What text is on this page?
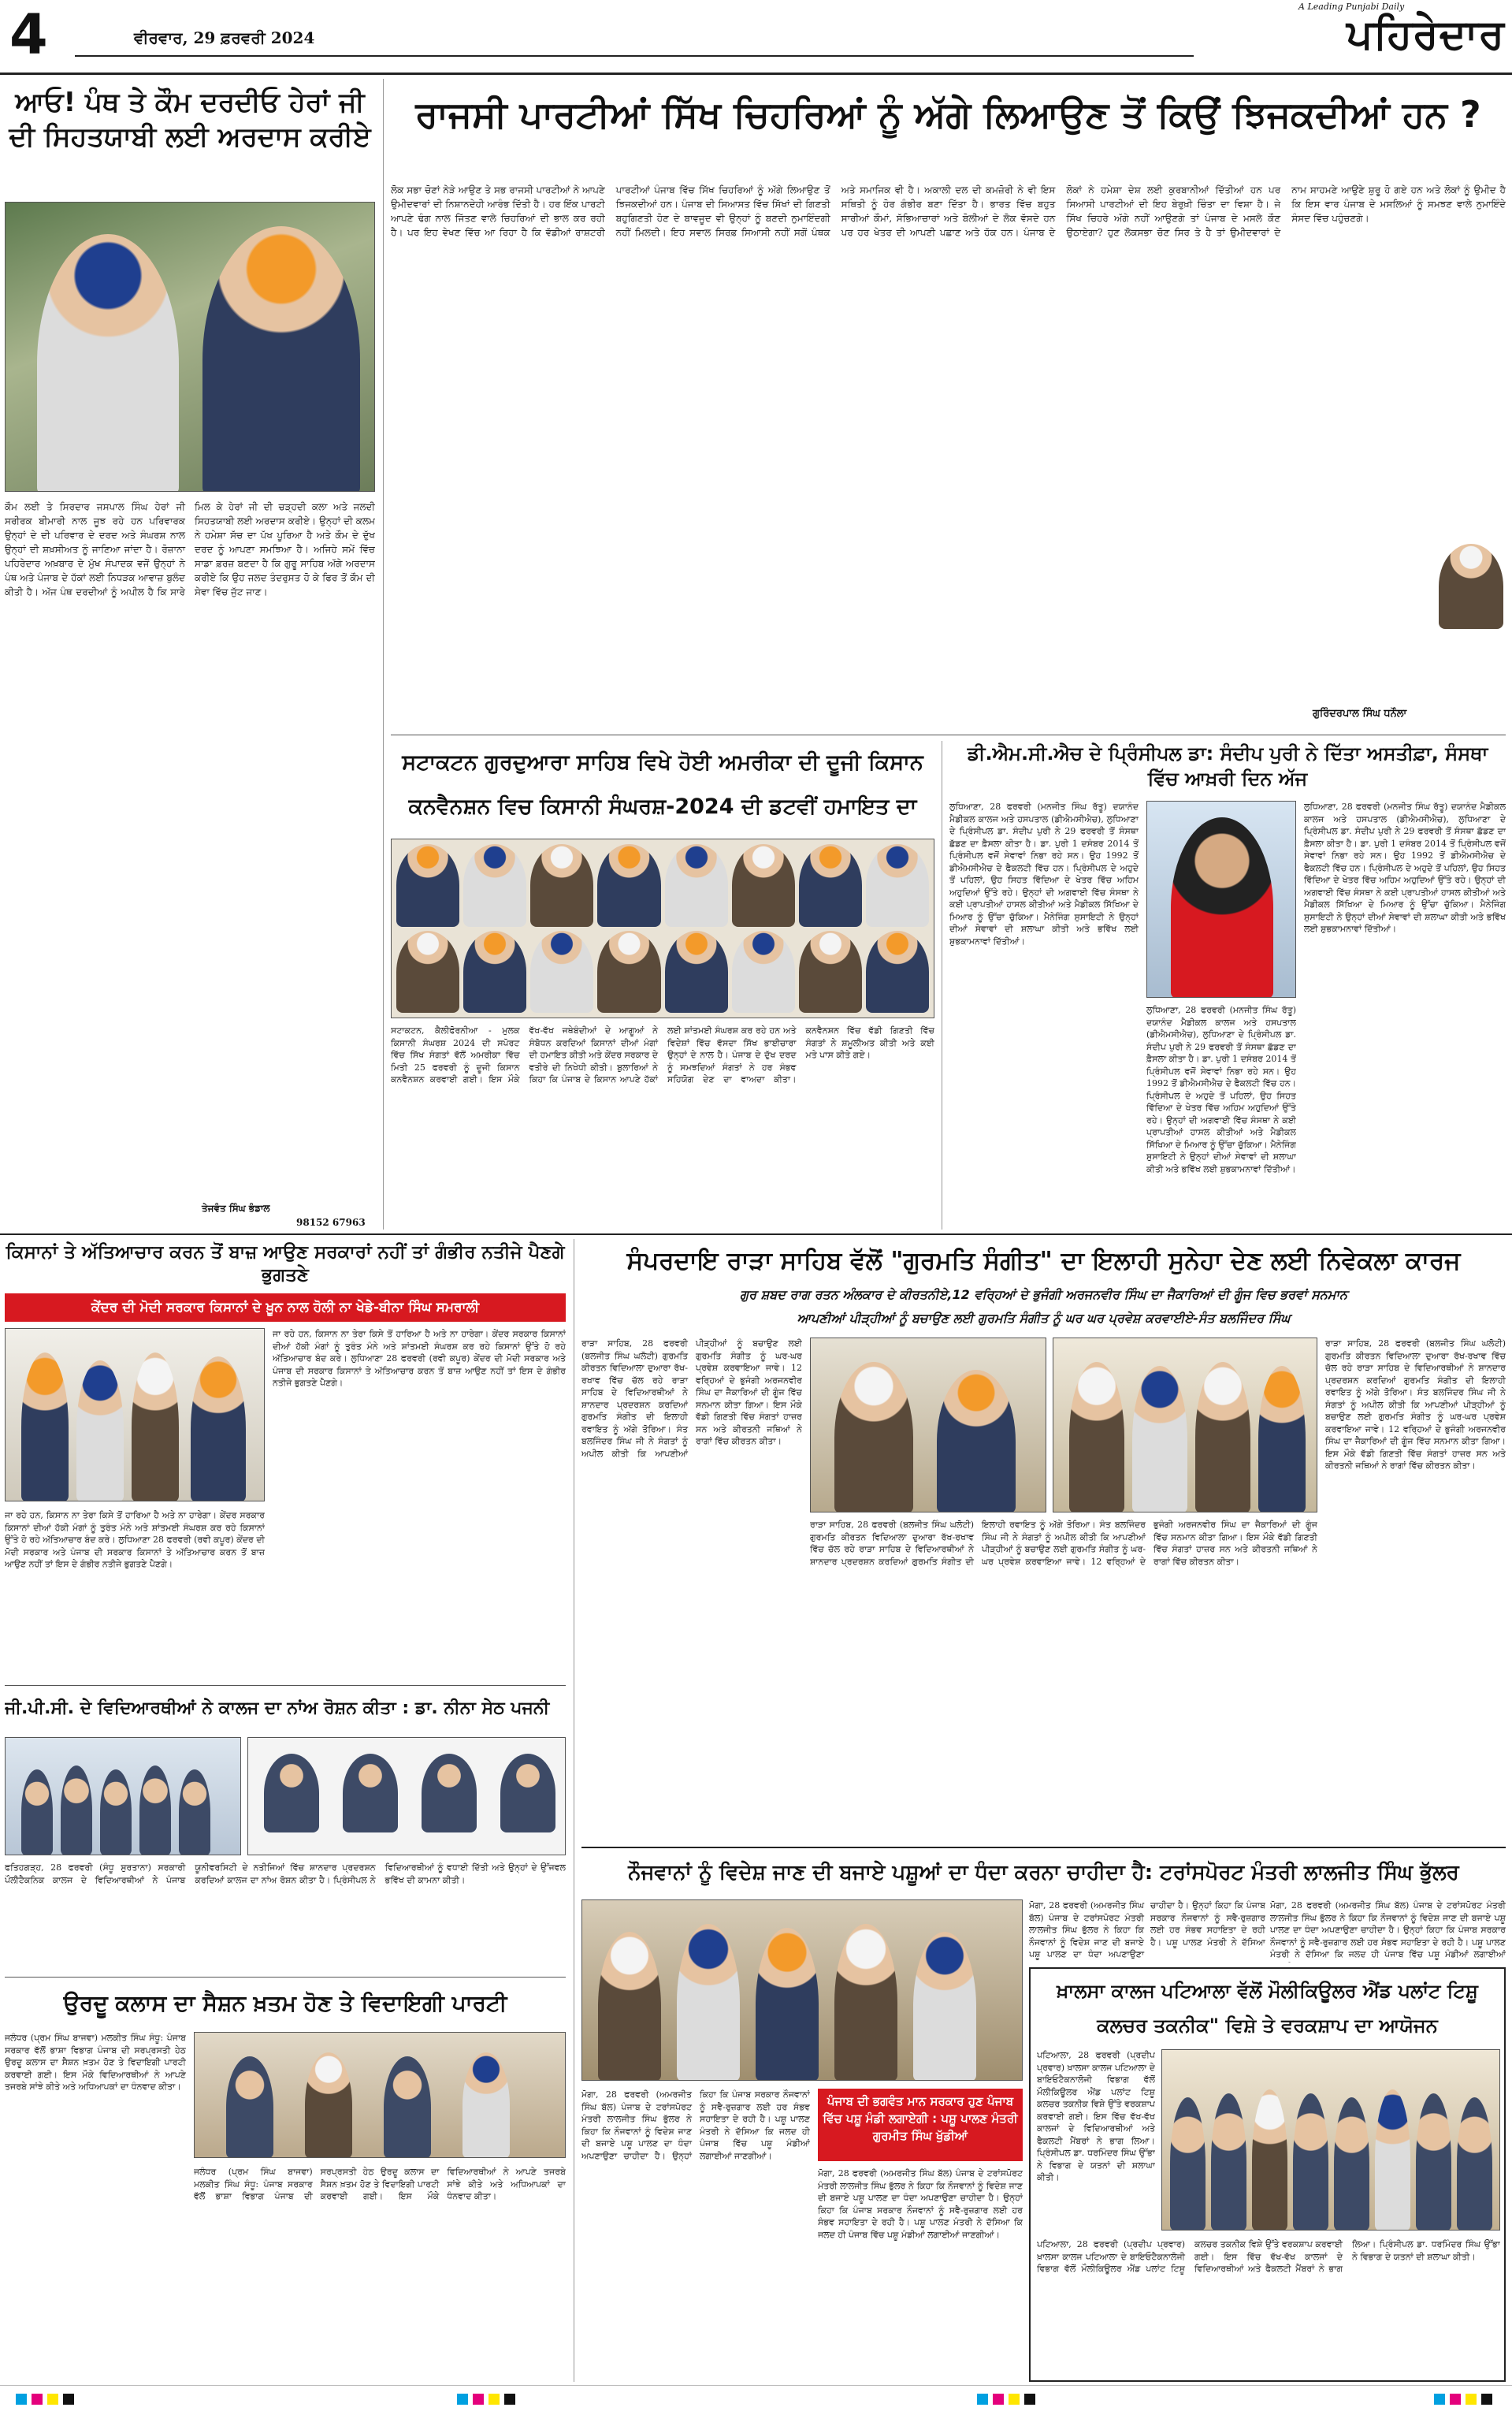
4	ਵੀਰਵਾਰ, 29 ਫ਼ਰਵਰੀ 2024
A Leading Punjabi Daily
ਪਹਿਰੇਦਾਰ
ਆਓ! ਪੰਥ ਤੇ ਕੌਮ ਦਰਦੀਓ ਹੇਰਾਂ ਜੀ ਦੀ ਸਿਹਤਯਾਬੀ ਲਈ ਅਰਦਾਸ ਕਰੀਏ
ਕੌਮ ਲਈ ਤੇ ਸਿਰਦਾਰ ਜਸਪਾਲ ਸਿੰਘ ਹੇਰਾਂ ਜੀ ਸਰੀਰਕ ਬੀਮਾਰੀ ਨਾਲ ਜੂਝ ਰਹੇ ਹਨ ਪਰਿਵਾਰਕ ਉਨ੍ਹਾਂ ਦੇ ਦੀ ਪਰਿਵਾਰ ਦੇ ਦਰਦ ਅਤੇ ਸੰਘਰਸ਼ ਨਾਲ ਉਨ੍ਹਾਂ ਦੀ ਸ਼ਖ਼ਸੀਅਤ ਨੂੰ ਜਾਣਿਆ ਜਾਂਦਾ ਹੈ। ਰੋਜ਼ਾਨਾ ਪਹਿਰੇਦਾਰ ਅਖ਼ਬਾਰ ਦੇ ਮੁੱਖ ਸੰਪਾਦਕ ਵਜੋਂ ਉਨ੍ਹਾਂ ਨੇ ਪੰਥ ਅਤੇ ਪੰਜਾਬ ਦੇ ਹੱਕਾਂ ਲਈ ਨਿਧੜਕ ਆਵਾਜ਼ ਬੁਲੰਦ ਕੀਤੀ ਹੈ। ਅੱਜ ਪੰਥ ਦਰਦੀਆਂ ਨੂੰ ਅਪੀਲ ਹੈ ਕਿ ਸਾਰੇ ਮਿਲ ਕੇ ਹੇਰਾਂ ਜੀ ਦੀ ਚੜ੍ਹਦੀ ਕਲਾ ਅਤੇ ਜਲਦੀ ਸਿਹਤਯਾਬੀ ਲਈ ਅਰਦਾਸ ਕਰੀਏ। ਉਨ੍ਹਾਂ ਦੀ ਕਲਮ ਨੇ ਹਮੇਸ਼ਾ ਸੱਚ ਦਾ ਪੱਖ ਪੂਰਿਆ ਹੈ ਅਤੇ ਕੌਮ ਦੇ ਦੁੱਖ ਦਰਦ ਨੂੰ ਆਪਣਾ ਸਮਝਿਆ ਹੈ। ਅਜਿਹੇ ਸਮੇਂ ਵਿੱਚ ਸਾਡਾ ਫ਼ਰਜ਼ ਬਣਦਾ ਹੈ ਕਿ ਗੁਰੂ ਸਾਹਿਬ ਅੱਗੇ ਅਰਦਾਸ ਕਰੀਏ ਕਿ ਉਹ ਜਲਦ ਤੰਦਰੁਸਤ ਹੋ ਕੇ ਫਿਰ ਤੋਂ ਕੌਮ ਦੀ ਸੇਵਾ ਵਿੱਚ ਜੁੱਟ ਜਾਣ।
ਤੇਜਵੰਤ ਸਿੰਘ ਭੰਡਾਲ
98152 67963
ਰਾਜਸੀ ਪਾਰਟੀਆਂ ਸਿੱਖ ਚਿਹਰਿਆਂ ਨੂੰ ਅੱਗੇ ਲਿਆਉਣ ਤੋਂ ਕਿਉਂ ਝਿਜਕਦੀਆਂ ਹਨ ?
ਲੋਕ ਸਭਾ ਚੋਣਾਂ ਨੇੜੇ ਆਉਣ ਤੇ ਸਭ ਰਾਜਸੀ ਪਾਰਟੀਆਂ ਨੇ ਆਪਣੇ ਉਮੀਦਵਾਰਾਂ ਦੀ ਨਿਸ਼ਾਨਦੇਹੀ ਆਰੰਭ ਦਿੱਤੀ ਹੈ। ਹਰ ਇੱਕ ਪਾਰਟੀ ਆਪਣੇ ਢੰਗ ਨਾਲ ਜਿੱਤਣ ਵਾਲੇ ਚਿਹਰਿਆਂ ਦੀ ਭਾਲ ਕਰ ਰਹੀ ਹੈ। ਪਰ ਇਹ ਵੇਖਣ ਵਿੱਚ ਆ ਰਿਹਾ ਹੈ ਕਿ ਵੱਡੀਆਂ ਰਾਸ਼ਟਰੀ ਪਾਰਟੀਆਂ ਪੰਜਾਬ ਵਿੱਚ ਸਿੱਖ ਚਿਹਰਿਆਂ ਨੂੰ ਅੱਗੇ ਲਿਆਉਣ ਤੋਂ ਝਿਜਕਦੀਆਂ ਹਨ। ਪੰਜਾਬ ਦੀ ਸਿਆਸਤ ਵਿੱਚ ਸਿੱਖਾਂ ਦੀ ਗਿਣਤੀ ਬਹੁਗਿਣਤੀ ਹੋਣ ਦੇ ਬਾਵਜੂਦ ਵੀ ਉਨ੍ਹਾਂ ਨੂੰ ਬਣਦੀ ਨੁਮਾਇੰਦਗੀ ਨਹੀਂ ਮਿਲਦੀ। ਇਹ ਸਵਾਲ ਸਿਰਫ਼ ਸਿਆਸੀ ਨਹੀਂ ਸਗੋਂ ਪੰਥਕ ਅਤੇ ਸਮਾਜਿਕ ਵੀ ਹੈ। ਅਕਾਲੀ ਦਲ ਦੀ ਕਮਜ਼ੋਰੀ ਨੇ ਵੀ ਇਸ ਸਥਿਤੀ ਨੂੰ ਹੋਰ ਗੰਭੀਰ ਬਣਾ ਦਿੱਤਾ ਹੈ। ਭਾਰਤ ਵਿੱਚ ਬਹੁਤ ਸਾਰੀਆਂ ਕੌਮਾਂ, ਸੱਭਿਆਚਾਰਾਂ ਅਤੇ ਬੋਲੀਆਂ ਦੇ ਲੋਕ ਵੱਸਦੇ ਹਨ ਪਰ ਹਰ ਖੇਤਰ ਦੀ ਆਪਣੀ ਪਛਾਣ ਅਤੇ ਹੱਕ ਹਨ। ਪੰਜਾਬ ਦੇ ਲੋਕਾਂ ਨੇ ਹਮੇਸ਼ਾ ਦੇਸ਼ ਲਈ ਕੁਰਬਾਨੀਆਂ ਦਿੱਤੀਆਂ ਹਨ ਪਰ ਸਿਆਸੀ ਪਾਰਟੀਆਂ ਦੀ ਇਹ ਬੇਰੁਖ਼ੀ ਚਿੰਤਾ ਦਾ ਵਿਸ਼ਾ ਹੈ। ਜੇ ਸਿੱਖ ਚਿਹਰੇ ਅੱਗੇ ਨਹੀਂ ਆਉਣਗੇ ਤਾਂ ਪੰਜਾਬ ਦੇ ਮਸਲੇ ਕੌਣ ਉਠਾਏਗਾ? ਹੁਣ ਲੋਕਸਭਾ ਚੋਣ ਸਿਰ ਤੇ ਹੈ ਤਾਂ ਉਮੀਦਵਾਰਾਂ ਦੇ ਨਾਮ ਸਾਹਮਣੇ ਆਉਣੇ ਸ਼ੁਰੂ ਹੋ ਗਏ ਹਨ ਅਤੇ ਲੋਕਾਂ ਨੂੰ ਉਮੀਦ ਹੈ ਕਿ ਇਸ ਵਾਰ ਪੰਜਾਬ ਦੇ ਮਸਲਿਆਂ ਨੂੰ ਸਮਝਣ ਵਾਲੇ ਨੁਮਾਇੰਦੇ ਸੰਸਦ ਵਿੱਚ ਪਹੁੰਚਣਗੇ।
ਗੁਰਿੰਦਰਪਾਲ ਸਿੰਘ ਧਨੌਲਾ
ਸਟਾਕਟਨ ਗੁਰਦੁਆਰਾ ਸਾਹਿਬ ਵਿਖੇ ਹੋਈ ਅਮਰੀਕਾ ਦੀ ਦੂਜੀ ਕਿਸਾਨ ਕਨਵੈਨਸ਼ਨ ਵਿਚ ਕਿਸਾਨੀ ਸੰਘਰਸ਼-2024 ਦੀ ਡਟਵੀਂ ਹਮਾਇਤ ਦਾ
ਸਟਾਕਟਨ, ਕੈਲੀਫੋਰਨੀਆ - ਮੁਲਕ ਕਿਸਾਨੀ ਸੰਘਰਸ਼ 2024 ਦੀ ਸਪੋਰਟ ਵਿੱਚ ਸਿੱਖ ਸੰਗਤਾਂ ਵੱਲੋਂ ਅਮਰੀਕਾ ਵਿੱਚ ਮਿਤੀ 25 ਫਰਵਰੀ ਨੂੰ ਦੂਜੀ ਕਿਸਾਨ ਕਨਵੈਨਸ਼ਨ ਕਰਵਾਈ ਗਈ। ਇਸ ਮੌਕੇ ਵੱਖ-ਵੱਖ ਜਥੇਬੰਦੀਆਂ ਦੇ ਆਗੂਆਂ ਨੇ ਸੰਬੋਧਨ ਕਰਦਿਆਂ ਕਿਸਾਨਾਂ ਦੀਆਂ ਮੰਗਾਂ ਦੀ ਹਮਾਇਤ ਕੀਤੀ ਅਤੇ ਕੇਂਦਰ ਸਰਕਾਰ ਦੇ ਵਤੀਰੇ ਦੀ ਨਿਖੇਧੀ ਕੀਤੀ। ਬੁਲਾਰਿਆਂ ਨੇ ਕਿਹਾ ਕਿ ਪੰਜਾਬ ਦੇ ਕਿਸਾਨ ਆਪਣੇ ਹੱਕਾਂ ਲਈ ਸ਼ਾਂਤਮਈ ਸੰਘਰਸ਼ ਕਰ ਰਹੇ ਹਨ ਅਤੇ ਵਿਦੇਸ਼ਾਂ ਵਿੱਚ ਵੱਸਦਾ ਸਿੱਖ ਭਾਈਚਾਰਾ ਉਨ੍ਹਾਂ ਦੇ ਨਾਲ ਹੈ। ਪੰਜਾਬ ਦੇ ਦੁੱਖ ਦਰਦ ਨੂੰ ਸਮਝਦਿਆਂ ਸੰਗਤਾਂ ਨੇ ਹਰ ਸੰਭਵ ਸਹਿਯੋਗ ਦੇਣ ਦਾ ਵਾਅਦਾ ਕੀਤਾ। ਕਨਵੈਨਸ਼ਨ ਵਿੱਚ ਵੱਡੀ ਗਿਣਤੀ ਵਿੱਚ ਸੰਗਤਾਂ ਨੇ ਸ਼ਮੂਲੀਅਤ ਕੀਤੀ ਅਤੇ ਕਈ ਮਤੇ ਪਾਸ ਕੀਤੇ ਗਏ।
ਡੀ.ਐਮ.ਸੀ.ਐਚ ਦੇ ਪ੍ਰਿੰਸੀਪਲ ਡਾ: ਸੰਦੀਪ ਪੁਰੀ ਨੇ ਦਿੱਤਾ ਅਸਤੀਫ਼ਾ, ਸੰਸਥਾ ਵਿੱਚ ਆਖ਼ਰੀ ਦਿਨ ਅੱਜ
ਲੁਧਿਆਣਾ, 28 ਫਰਵਰੀ (ਮਨਜੀਤ ਸਿੰਘ ਰੱਤੂ) ਦਯਾਨੰਦ ਮੈਡੀਕਲ ਕਾਲਜ ਅਤੇ ਹਸਪਤਾਲ (ਡੀਐਮਸੀਐਚ), ਲੁਧਿਆਣਾ ਦੇ ਪ੍ਰਿੰਸੀਪਲ ਡਾ. ਸੰਦੀਪ ਪੁਰੀ ਨੇ 29 ਫਰਵਰੀ ਤੋਂ ਸੰਸਥਾ ਛੱਡਣ ਦਾ ਫ਼ੈਸਲਾ ਕੀਤਾ ਹੈ। ਡਾ. ਪੁਰੀ 1 ਦਸੰਬਰ 2014 ਤੋਂ ਪ੍ਰਿੰਸੀਪਲ ਵਜੋਂ ਸੇਵਾਵਾਂ ਨਿਭਾ ਰਹੇ ਸਨ। ਉਹ 1992 ਤੋਂ ਡੀਐਮਸੀਐਚ ਦੇ ਫੈਕਲਟੀ ਵਿੱਚ ਹਨ। ਪ੍ਰਿੰਸੀਪਲ ਦੇ ਅਹੁਦੇ ਤੋਂ ਪਹਿਲਾਂ, ਉਹ ਸਿਹਤ ਵਿੱਦਿਆ ਦੇ ਖੇਤਰ ਵਿੱਚ ਅਹਿਮ ਅਹੁਦਿਆਂ ਉੱਤੇ ਰਹੇ। ਉਨ੍ਹਾਂ ਦੀ ਅਗਵਾਈ ਵਿੱਚ ਸੰਸਥਾ ਨੇ ਕਈ ਪ੍ਰਾਪਤੀਆਂ ਹਾਸਲ ਕੀਤੀਆਂ ਅਤੇ ਮੈਡੀਕਲ ਸਿੱਖਿਆ ਦੇ ਮਿਆਰ ਨੂੰ ਉੱਚਾ ਚੁੱਕਿਆ। ਮੈਨੇਜਿੰਗ ਸੁਸਾਇਟੀ ਨੇ ਉਨ੍ਹਾਂ ਦੀਆਂ ਸੇਵਾਵਾਂ ਦੀ ਸ਼ਲਾਘਾ ਕੀਤੀ ਅਤੇ ਭਵਿੱਖ ਲਈ ਸ਼ੁਭਕਾਮਨਾਵਾਂ ਦਿੱਤੀਆਂ।
ਲੁਧਿਆਣਾ, 28 ਫਰਵਰੀ (ਮਨਜੀਤ ਸਿੰਘ ਰੱਤੂ) ਦਯਾਨੰਦ ਮੈਡੀਕਲ ਕਾਲਜ ਅਤੇ ਹਸਪਤਾਲ (ਡੀਐਮਸੀਐਚ), ਲੁਧਿਆਣਾ ਦੇ ਪ੍ਰਿੰਸੀਪਲ ਡਾ. ਸੰਦੀਪ ਪੁਰੀ ਨੇ 29 ਫਰਵਰੀ ਤੋਂ ਸੰਸਥਾ ਛੱਡਣ ਦਾ ਫ਼ੈਸਲਾ ਕੀਤਾ ਹੈ। ਡਾ. ਪੁਰੀ 1 ਦਸੰਬਰ 2014 ਤੋਂ ਪ੍ਰਿੰਸੀਪਲ ਵਜੋਂ ਸੇਵਾਵਾਂ ਨਿਭਾ ਰਹੇ ਸਨ। ਉਹ 1992 ਤੋਂ ਡੀਐਮਸੀਐਚ ਦੇ ਫੈਕਲਟੀ ਵਿੱਚ ਹਨ। ਪ੍ਰਿੰਸੀਪਲ ਦੇ ਅਹੁਦੇ ਤੋਂ ਪਹਿਲਾਂ, ਉਹ ਸਿਹਤ ਵਿੱਦਿਆ ਦੇ ਖੇਤਰ ਵਿੱਚ ਅਹਿਮ ਅਹੁਦਿਆਂ ਉੱਤੇ ਰਹੇ। ਉਨ੍ਹਾਂ ਦੀ ਅਗਵਾਈ ਵਿੱਚ ਸੰਸਥਾ ਨੇ ਕਈ ਪ੍ਰਾਪਤੀਆਂ ਹਾਸਲ ਕੀਤੀਆਂ ਅਤੇ ਮੈਡੀਕਲ ਸਿੱਖਿਆ ਦੇ ਮਿਆਰ ਨੂੰ ਉੱਚਾ ਚੁੱਕਿਆ। ਮੈਨੇਜਿੰਗ ਸੁਸਾਇਟੀ ਨੇ ਉਨ੍ਹਾਂ ਦੀਆਂ ਸੇਵਾਵਾਂ ਦੀ ਸ਼ਲਾਘਾ ਕੀਤੀ ਅਤੇ ਭਵਿੱਖ ਲਈ ਸ਼ੁਭਕਾਮਨਾਵਾਂ ਦਿੱਤੀਆਂ।
ਲੁਧਿਆਣਾ, 28 ਫਰਵਰੀ (ਮਨਜੀਤ ਸਿੰਘ ਰੱਤੂ) ਦਯਾਨੰਦ ਮੈਡੀਕਲ ਕਾਲਜ ਅਤੇ ਹਸਪਤਾਲ (ਡੀਐਮਸੀਐਚ), ਲੁਧਿਆਣਾ ਦੇ ਪ੍ਰਿੰਸੀਪਲ ਡਾ. ਸੰਦੀਪ ਪੁਰੀ ਨੇ 29 ਫਰਵਰੀ ਤੋਂ ਸੰਸਥਾ ਛੱਡਣ ਦਾ ਫ਼ੈਸਲਾ ਕੀਤਾ ਹੈ। ਡਾ. ਪੁਰੀ 1 ਦਸੰਬਰ 2014 ਤੋਂ ਪ੍ਰਿੰਸੀਪਲ ਵਜੋਂ ਸੇਵਾਵਾਂ ਨਿਭਾ ਰਹੇ ਸਨ। ਉਹ 1992 ਤੋਂ ਡੀਐਮਸੀਐਚ ਦੇ ਫੈਕਲਟੀ ਵਿੱਚ ਹਨ। ਪ੍ਰਿੰਸੀਪਲ ਦੇ ਅਹੁਦੇ ਤੋਂ ਪਹਿਲਾਂ, ਉਹ ਸਿਹਤ ਵਿੱਦਿਆ ਦੇ ਖੇਤਰ ਵਿੱਚ ਅਹਿਮ ਅਹੁਦਿਆਂ ਉੱਤੇ ਰਹੇ। ਉਨ੍ਹਾਂ ਦੀ ਅਗਵਾਈ ਵਿੱਚ ਸੰਸਥਾ ਨੇ ਕਈ ਪ੍ਰਾਪਤੀਆਂ ਹਾਸਲ ਕੀਤੀਆਂ ਅਤੇ ਮੈਡੀਕਲ ਸਿੱਖਿਆ ਦੇ ਮਿਆਰ ਨੂੰ ਉੱਚਾ ਚੁੱਕਿਆ। ਮੈਨੇਜਿੰਗ ਸੁਸਾਇਟੀ ਨੇ ਉਨ੍ਹਾਂ ਦੀਆਂ ਸੇਵਾਵਾਂ ਦੀ ਸ਼ਲਾਘਾ ਕੀਤੀ ਅਤੇ ਭਵਿੱਖ ਲਈ ਸ਼ੁਭਕਾਮਨਾਵਾਂ ਦਿੱਤੀਆਂ।
ਕਿਸਾਨਾਂ ਤੇ ਅੱਤਿਆਚਾਰ ਕਰਨ ਤੋਂ ਬਾਜ਼ ਆਉਣ ਸਰਕਾਰਾਂ ਨਹੀਂ ਤਾਂ ਗੰਭੀਰ ਨਤੀਜੇ ਪੈਣਗੇ ਭੁਗਤਣੇ
ਕੇਂਦਰ ਦੀ ਮੋਦੀ ਸਰਕਾਰ ਕਿਸਾਨਾਂ ਦੇ ਖ਼ੂਨ ਨਾਲ ਹੋਲੀ ਨਾ ਖੇਡੇ-ਬੀਨਾ ਸਿੰਘ ਸਮਰਾਲੀ
ਜਾ ਰਹੇ ਹਨ, ਕਿਸਾਨ ਨਾ ਤੇਰਾ ਕਿਸੇ ਤੋਂ ਹਾਰਿਆ ਹੈ ਅਤੇ ਨਾ ਹਾਰੇਗਾ। ਕੇਂਦਰ ਸਰਕਾਰ ਕਿਸਾਨਾਂ ਦੀਆਂ ਹੱਕੀ ਮੰਗਾਂ ਨੂੰ ਤੁਰੰਤ ਮੰਨੇ ਅਤੇ ਸ਼ਾਂਤਮਈ ਸੰਘਰਸ਼ ਕਰ ਰਹੇ ਕਿਸਾਨਾਂ ਉੱਤੇ ਹੋ ਰਹੇ ਅੱਤਿਆਚਾਰ ਬੰਦ ਕਰੇ। ਲੁਧਿਆਣਾ 28 ਫਰਵਰੀ (ਰਵੀ ਕਪੂਰ) ਕੇਂਦਰ ਦੀ ਮੋਦੀ ਸਰਕਾਰ ਅਤੇ ਪੰਜਾਬ ਦੀ ਸਰਕਾਰ ਕਿਸਾਨਾਂ ਤੇ ਅੱਤਿਆਚਾਰ ਕਰਨ ਤੋਂ ਬਾਜ਼ ਆਉਣ ਨਹੀਂ ਤਾਂ ਇਸ ਦੇ ਗੰਭੀਰ ਨਤੀਜੇ ਭੁਗਤਣੇ ਪੈਣਗੇ।
ਜਾ ਰਹੇ ਹਨ, ਕਿਸਾਨ ਨਾ ਤੇਰਾ ਕਿਸੇ ਤੋਂ ਹਾਰਿਆ ਹੈ ਅਤੇ ਨਾ ਹਾਰੇਗਾ। ਕੇਂਦਰ ਸਰਕਾਰ ਕਿਸਾਨਾਂ ਦੀਆਂ ਹੱਕੀ ਮੰਗਾਂ ਨੂੰ ਤੁਰੰਤ ਮੰਨੇ ਅਤੇ ਸ਼ਾਂਤਮਈ ਸੰਘਰਸ਼ ਕਰ ਰਹੇ ਕਿਸਾਨਾਂ ਉੱਤੇ ਹੋ ਰਹੇ ਅੱਤਿਆਚਾਰ ਬੰਦ ਕਰੇ। ਲੁਧਿਆਣਾ 28 ਫਰਵਰੀ (ਰਵੀ ਕਪੂਰ) ਕੇਂਦਰ ਦੀ ਮੋਦੀ ਸਰਕਾਰ ਅਤੇ ਪੰਜਾਬ ਦੀ ਸਰਕਾਰ ਕਿਸਾਨਾਂ ਤੇ ਅੱਤਿਆਚਾਰ ਕਰਨ ਤੋਂ ਬਾਜ਼ ਆਉਣ ਨਹੀਂ ਤਾਂ ਇਸ ਦੇ ਗੰਭੀਰ ਨਤੀਜੇ ਭੁਗਤਣੇ ਪੈਣਗੇ।
ਜੀ.ਪੀ.ਸੀ. ਦੇ ਵਿਦਿਆਰਥੀਆਂ ਨੇ ਕਾਲਜ ਦਾ ਨਾਂਅ ਰੋਸ਼ਨ ਕੀਤਾ : ਡਾ. ਨੀਨਾ ਸੇਠ ਪਜਨੀ
ਫਤਿਹਗੜ੍ਹ, 28 ਫਰਵਰੀ (ਸੰਧੂ ਸੁਰਤਾਨਾ) ਸਰਕਾਰੀ ਪੌਲੀਟੈਕਨਿਕ ਕਾਲਜ ਦੇ ਵਿਦਿਆਰਥੀਆਂ ਨੇ ਪੰਜਾਬ ਯੂਨੀਵਰਸਿਟੀ ਦੇ ਨਤੀਜਿਆਂ ਵਿੱਚ ਸ਼ਾਨਦਾਰ ਪ੍ਰਦਰਸ਼ਨ ਕਰਦਿਆਂ ਕਾਲਜ ਦਾ ਨਾਂਅ ਰੋਸ਼ਨ ਕੀਤਾ ਹੈ। ਪ੍ਰਿੰਸੀਪਲ ਨੇ ਵਿਦਿਆਰਥੀਆਂ ਨੂੰ ਵਧਾਈ ਦਿੱਤੀ ਅਤੇ ਉਨ੍ਹਾਂ ਦੇ ਉੱਜਵਲ ਭਵਿੱਖ ਦੀ ਕਾਮਨਾ ਕੀਤੀ।
ਉਰਦੂ ਕਲਾਸ ਦਾ ਸੈਸ਼ਨ ਖ਼ਤਮ ਹੋਣ ਤੇ ਵਿਦਾਇਗੀ ਪਾਰਟੀ
ਜਲੰਧਰ (ਪ੍ਰਮ ਸਿੰਘ ਬਾਜਵਾ) ਮਲਕੀਤ ਸਿੰਘ ਸੰਧੂ: ਪੰਜਾਬ ਸਰਕਾਰ ਵੱਲੋਂ ਭਾਸ਼ਾ ਵਿਭਾਗ ਪੰਜਾਬ ਦੀ ਸਰਪ੍ਰਸਤੀ ਹੇਠ ਉਰਦੂ ਕਲਾਸ ਦਾ ਸੈਸ਼ਨ ਖ਼ਤਮ ਹੋਣ ਤੇ ਵਿਦਾਇਗੀ ਪਾਰਟੀ ਕਰਵਾਈ ਗਈ। ਇਸ ਮੌਕੇ ਵਿਦਿਆਰਥੀਆਂ ਨੇ ਆਪਣੇ ਤਜਰਬੇ ਸਾਂਝੇ ਕੀਤੇ ਅਤੇ ਅਧਿਆਪਕਾਂ ਦਾ ਧੰਨਵਾਦ ਕੀਤਾ।
ਜਲੰਧਰ (ਪ੍ਰਮ ਸਿੰਘ ਬਾਜਵਾ) ਮਲਕੀਤ ਸਿੰਘ ਸੰਧੂ: ਪੰਜਾਬ ਸਰਕਾਰ ਵੱਲੋਂ ਭਾਸ਼ਾ ਵਿਭਾਗ ਪੰਜਾਬ ਦੀ ਸਰਪ੍ਰਸਤੀ ਹੇਠ ਉਰਦੂ ਕਲਾਸ ਦਾ ਸੈਸ਼ਨ ਖ਼ਤਮ ਹੋਣ ਤੇ ਵਿਦਾਇਗੀ ਪਾਰਟੀ ਕਰਵਾਈ ਗਈ। ਇਸ ਮੌਕੇ ਵਿਦਿਆਰਥੀਆਂ ਨੇ ਆਪਣੇ ਤਜਰਬੇ ਸਾਂਝੇ ਕੀਤੇ ਅਤੇ ਅਧਿਆਪਕਾਂ ਦਾ ਧੰਨਵਾਦ ਕੀਤਾ।
ਸੰਪਰਦਾਇ ਰਾੜਾ ਸਾਹਿਬ ਵੱਲੋਂ "ਗੁਰਮਤਿ ਸੰਗੀਤ" ਦਾ ਇਲਾਹੀ ਸੁਨੇਹਾ ਦੇਣ ਲਈ ਨਿਵੇਕਲਾ ਕਾਰਜ
ਗੁਰ ਸ਼ਬਦ ਰਾਗ ਰਤਨ ਅੰਲਕਾਰ ਦੇ ਕੀਰਤਨੀਏ,12 ਵਰ੍ਹਿਆਂ ਦੇ ਭੁਜੰਗੀ ਅਰਜਨਵੀਰ ਸਿੰਘ ਦਾ ਜੈਕਾਰਿਆਂ ਦੀ ਗੂੰਜ ਵਿਚ ਭਰਵਾਂ ਸਨਮਾਨ
ਆਪਣੀਆਂ ਪੀੜ੍ਹੀਆਂ ਨੂੰ ਬਚਾਉਣ ਲਈ ਗੁਰਮਤਿ ਸੰਗੀਤ ਨੂੰ ਘਰ ਘਰ ਪ੍ਰਵੇਸ਼ ਕਰਵਾਈਏ-ਸੰਤ ਬਲਜਿੰਦਰ ਸਿੰਘ
ਰਾੜਾ ਸਾਹਿਬ, 28 ਫਰਵਰੀ (ਬਲਜੀਤ ਸਿੰਘ ਘਲੋਟੀ) ਗੁਰਮਤਿ ਕੀਰਤਨ ਵਿਦਿਆਲਾ ਦੁਆਰਾ ਰੱਖ-ਰਖਾਵ ਵਿੱਚ ਚੱਲ ਰਹੇ ਰਾੜਾ ਸਾਹਿਬ ਦੇ ਵਿਦਿਆਰਥੀਆਂ ਨੇ ਸ਼ਾਨਦਾਰ ਪ੍ਰਦਰਸ਼ਨ ਕਰਦਿਆਂ ਗੁਰਮਤਿ ਸੰਗੀਤ ਦੀ ਇਲਾਹੀ ਰਵਾਇਤ ਨੂੰ ਅੱਗੇ ਤੋਰਿਆ। ਸੰਤ ਬਲਜਿੰਦਰ ਸਿੰਘ ਜੀ ਨੇ ਸੰਗਤਾਂ ਨੂੰ ਅਪੀਲ ਕੀਤੀ ਕਿ ਆਪਣੀਆਂ ਪੀੜ੍ਹੀਆਂ ਨੂੰ ਬਚਾਉਣ ਲਈ ਗੁਰਮਤਿ ਸੰਗੀਤ ਨੂੰ ਘਰ-ਘਰ ਪ੍ਰਵੇਸ਼ ਕਰਵਾਇਆ ਜਾਵੇ। 12 ਵਰ੍ਹਿਆਂ ਦੇ ਭੁਜੰਗੀ ਅਰਜਨਵੀਰ ਸਿੰਘ ਦਾ ਜੈਕਾਰਿਆਂ ਦੀ ਗੂੰਜ ਵਿੱਚ ਸਨਮਾਨ ਕੀਤਾ ਗਿਆ। ਇਸ ਮੌਕੇ ਵੱਡੀ ਗਿਣਤੀ ਵਿੱਚ ਸੰਗਤਾਂ ਹਾਜ਼ਰ ਸਨ ਅਤੇ ਕੀਰਤਨੀ ਜਥਿਆਂ ਨੇ ਰਾਗਾਂ ਵਿੱਚ ਕੀਰਤਨ ਕੀਤਾ।
ਰਾੜਾ ਸਾਹਿਬ, 28 ਫਰਵਰੀ (ਬਲਜੀਤ ਸਿੰਘ ਘਲੋਟੀ) ਗੁਰਮਤਿ ਕੀਰਤਨ ਵਿਦਿਆਲਾ ਦੁਆਰਾ ਰੱਖ-ਰਖਾਵ ਵਿੱਚ ਚੱਲ ਰਹੇ ਰਾੜਾ ਸਾਹਿਬ ਦੇ ਵਿਦਿਆਰਥੀਆਂ ਨੇ ਸ਼ਾਨਦਾਰ ਪ੍ਰਦਰਸ਼ਨ ਕਰਦਿਆਂ ਗੁਰਮਤਿ ਸੰਗੀਤ ਦੀ ਇਲਾਹੀ ਰਵਾਇਤ ਨੂੰ ਅੱਗੇ ਤੋਰਿਆ। ਸੰਤ ਬਲਜਿੰਦਰ ਸਿੰਘ ਜੀ ਨੇ ਸੰਗਤਾਂ ਨੂੰ ਅਪੀਲ ਕੀਤੀ ਕਿ ਆਪਣੀਆਂ ਪੀੜ੍ਹੀਆਂ ਨੂੰ ਬਚਾਉਣ ਲਈ ਗੁਰਮਤਿ ਸੰਗੀਤ ਨੂੰ ਘਰ-ਘਰ ਪ੍ਰਵੇਸ਼ ਕਰਵਾਇਆ ਜਾਵੇ। 12 ਵਰ੍ਹਿਆਂ ਦੇ ਭੁਜੰਗੀ ਅਰਜਨਵੀਰ ਸਿੰਘ ਦਾ ਜੈਕਾਰਿਆਂ ਦੀ ਗੂੰਜ ਵਿੱਚ ਸਨਮਾਨ ਕੀਤਾ ਗਿਆ। ਇਸ ਮੌਕੇ ਵੱਡੀ ਗਿਣਤੀ ਵਿੱਚ ਸੰਗਤਾਂ ਹਾਜ਼ਰ ਸਨ ਅਤੇ ਕੀਰਤਨੀ ਜਥਿਆਂ ਨੇ ਰਾਗਾਂ ਵਿੱਚ ਕੀਰਤਨ ਕੀਤਾ।
ਰਾੜਾ ਸਾਹਿਬ, 28 ਫਰਵਰੀ (ਬਲਜੀਤ ਸਿੰਘ ਘਲੋਟੀ) ਗੁਰਮਤਿ ਕੀਰਤਨ ਵਿਦਿਆਲਾ ਦੁਆਰਾ ਰੱਖ-ਰਖਾਵ ਵਿੱਚ ਚੱਲ ਰਹੇ ਰਾੜਾ ਸਾਹਿਬ ਦੇ ਵਿਦਿਆਰਥੀਆਂ ਨੇ ਸ਼ਾਨਦਾਰ ਪ੍ਰਦਰਸ਼ਨ ਕਰਦਿਆਂ ਗੁਰਮਤਿ ਸੰਗੀਤ ਦੀ ਇਲਾਹੀ ਰਵਾਇਤ ਨੂੰ ਅੱਗੇ ਤੋਰਿਆ। ਸੰਤ ਬਲਜਿੰਦਰ ਸਿੰਘ ਜੀ ਨੇ ਸੰਗਤਾਂ ਨੂੰ ਅਪੀਲ ਕੀਤੀ ਕਿ ਆਪਣੀਆਂ ਪੀੜ੍ਹੀਆਂ ਨੂੰ ਬਚਾਉਣ ਲਈ ਗੁਰਮਤਿ ਸੰਗੀਤ ਨੂੰ ਘਰ-ਘਰ ਪ੍ਰਵੇਸ਼ ਕਰਵਾਇਆ ਜਾਵੇ। 12 ਵਰ੍ਹਿਆਂ ਦੇ ਭੁਜੰਗੀ ਅਰਜਨਵੀਰ ਸਿੰਘ ਦਾ ਜੈਕਾਰਿਆਂ ਦੀ ਗੂੰਜ ਵਿੱਚ ਸਨਮਾਨ ਕੀਤਾ ਗਿਆ। ਇਸ ਮੌਕੇ ਵੱਡੀ ਗਿਣਤੀ ਵਿੱਚ ਸੰਗਤਾਂ ਹਾਜ਼ਰ ਸਨ ਅਤੇ ਕੀਰਤਨੀ ਜਥਿਆਂ ਨੇ ਰਾਗਾਂ ਵਿੱਚ ਕੀਰਤਨ ਕੀਤਾ।
ਨੌਜਵਾਨਾਂ ਨੂੰ ਵਿਦੇਸ਼ ਜਾਣ ਦੀ ਬਜਾਏ ਪਸ਼ੂਆਂ ਦਾ ਧੰਦਾ ਕਰਨਾ ਚਾਹੀਦਾ ਹੈ: ਟਰਾਂਸਪੋਰਟ ਮੰਤਰੀ ਲਾਲਜੀਤ ਸਿੰਘ ਭੁੱਲਰ
ਮੋਗਾ, 28 ਫਰਵਰੀ (ਅਮਰਜੀਤ ਸਿੰਘ ਬੱਲ) ਪੰਜਾਬ ਦੇ ਟਰਾਂਸਪੋਰਟ ਮੰਤਰੀ ਲਾਲਜੀਤ ਸਿੰਘ ਭੁੱਲਰ ਨੇ ਕਿਹਾ ਕਿ ਨੌਜਵਾਨਾਂ ਨੂੰ ਵਿਦੇਸ਼ ਜਾਣ ਦੀ ਬਜਾਏ ਪਸ਼ੂ ਪਾਲਣ ਦਾ ਧੰਦਾ ਅਪਣਾਉਣਾ ਚਾਹੀਦਾ ਹੈ। ਉਨ੍ਹਾਂ ਕਿਹਾ ਕਿ ਪੰਜਾਬ ਸਰਕਾਰ ਨੌਜਵਾਨਾਂ ਨੂੰ ਸਵੈ-ਰੁਜ਼ਗਾਰ ਲਈ ਹਰ ਸੰਭਵ ਸਹਾਇਤਾ ਦੇ ਰਹੀ ਹੈ। ਪਸ਼ੂ ਪਾਲਣ ਮੰਤਰੀ ਨੇ ਦੱਸਿਆ ਕਿ ਜਲਦ ਹੀ ਪੰਜਾਬ ਵਿੱਚ ਪਸ਼ੂ ਮੰਡੀਆਂ ਲਗਾਈਆਂ ਜਾਣਗੀਆਂ।
ਪੰਜਾਬ ਦੀ ਭਗਵੰਤ ਮਾਨ ਸਰਕਾਰ ਹੁਣ ਪੰਜਾਬ ਵਿੱਚ ਪਸ਼ੂ ਮੰਡੀ ਲਗਾਏਗੀ : ਪਸ਼ੂ ਪਾਲਣ ਮੰਤਰੀ ਗੁਰਮੀਤ ਸਿੰਘ ਖੁੱਡੀਆਂ
ਮੋਗਾ, 28 ਫਰਵਰੀ (ਅਮਰਜੀਤ ਸਿੰਘ ਬੱਲ) ਪੰਜਾਬ ਦੇ ਟਰਾਂਸਪੋਰਟ ਮੰਤਰੀ ਲਾਲਜੀਤ ਸਿੰਘ ਭੁੱਲਰ ਨੇ ਕਿਹਾ ਕਿ ਨੌਜਵਾਨਾਂ ਨੂੰ ਵਿਦੇਸ਼ ਜਾਣ ਦੀ ਬਜਾਏ ਪਸ਼ੂ ਪਾਲਣ ਦਾ ਧੰਦਾ ਅਪਣਾਉਣਾ ਚਾਹੀਦਾ ਹੈ। ਉਨ੍ਹਾਂ ਕਿਹਾ ਕਿ ਪੰਜਾਬ ਸਰਕਾਰ ਨੌਜਵਾਨਾਂ ਨੂੰ ਸਵੈ-ਰੁਜ਼ਗਾਰ ਲਈ ਹਰ ਸੰਭਵ ਸਹਾਇਤਾ ਦੇ ਰਹੀ ਹੈ। ਪਸ਼ੂ ਪਾਲਣ ਮੰਤਰੀ ਨੇ ਦੱਸਿਆ ਕਿ ਜਲਦ ਹੀ ਪੰਜਾਬ ਵਿੱਚ ਪਸ਼ੂ ਮੰਡੀਆਂ ਲਗਾਈਆਂ ਜਾਣਗੀਆਂ।
ਮੋਗਾ, 28 ਫਰਵਰੀ (ਅਮਰਜੀਤ ਸਿੰਘ ਬੱਲ) ਪੰਜਾਬ ਦੇ ਟਰਾਂਸਪੋਰਟ ਮੰਤਰੀ ਲਾਲਜੀਤ ਸਿੰਘ ਭੁੱਲਰ ਨੇ ਕਿਹਾ ਕਿ ਨੌਜਵਾਨਾਂ ਨੂੰ ਵਿਦੇਸ਼ ਜਾਣ ਦੀ ਬਜਾਏ ਪਸ਼ੂ ਪਾਲਣ ਦਾ ਧੰਦਾ ਅਪਣਾਉਣਾ ਚਾਹੀਦਾ ਹੈ। ਉਨ੍ਹਾਂ ਕਿਹਾ ਕਿ ਪੰਜਾਬ ਸਰਕਾਰ ਨੌਜਵਾਨਾਂ ਨੂੰ ਸਵੈ-ਰੁਜ਼ਗਾਰ ਲਈ ਹਰ ਸੰਭਵ ਸਹਾਇਤਾ ਦੇ ਰਹੀ ਹੈ। ਪਸ਼ੂ ਪਾਲਣ ਮੰਤਰੀ ਨੇ ਦੱਸਿਆ
ਮੋਗਾ, 28 ਫਰਵਰੀ (ਅਮਰਜੀਤ ਸਿੰਘ ਬੱਲ) ਪੰਜਾਬ ਦੇ ਟਰਾਂਸਪੋਰਟ ਮੰਤਰੀ ਲਾਲਜੀਤ ਸਿੰਘ ਭੁੱਲਰ ਨੇ ਕਿਹਾ ਕਿ ਨੌਜਵਾਨਾਂ ਨੂੰ ਵਿਦੇਸ਼ ਜਾਣ ਦੀ ਬਜਾਏ ਪਸ਼ੂ ਪਾਲਣ ਦਾ ਧੰਦਾ ਅਪਣਾਉਣਾ ਚਾਹੀਦਾ ਹੈ। ਉਨ੍ਹਾਂ ਕਿਹਾ ਕਿ ਪੰਜਾਬ ਸਰਕਾਰ ਨੌਜਵਾਨਾਂ ਨੂੰ ਸਵੈ-ਰੁਜ਼ਗਾਰ ਲਈ ਹਰ ਸੰਭਵ ਸਹਾਇਤਾ ਦੇ ਰਹੀ ਹੈ। ਪਸ਼ੂ ਪਾਲਣ ਮੰਤਰੀ ਨੇ ਦੱਸਿਆ ਕਿ ਜਲਦ ਹੀ ਪੰਜਾਬ ਵਿੱਚ ਪਸ਼ੂ ਮੰਡੀਆਂ ਲਗਾਈਆਂ
ਖ਼ਾਲਸਾ ਕਾਲਜ ਪਟਿਆਲਾ ਵੱਲੋਂ ਮੌਲੀਕਿਊਲਰ ਐਂਡ ਪਲਾਂਟ ਟਿਸ਼ੂ ਕਲਚਰ ਤਕਨੀਕ" ਵਿਸ਼ੇ ਤੇ ਵਰਕਸ਼ਾਪ ਦਾ ਆਯੋਜਨ
ਪਟਿਆਲਾ, 28 ਫਰਵਰੀ (ਪ੍ਰਦੀਪ ਪ੍ਰਵਾਰ) ਖ਼ਾਲਸਾ ਕਾਲਜ ਪਟਿਆਲਾ ਦੇ ਬਾਇਓਟੈਕਨਾਲੋਜੀ ਵਿਭਾਗ ਵੱਲੋਂ ਮੌਲੀਕਿਊਲਰ ਐਂਡ ਪਲਾਂਟ ਟਿਸ਼ੂ ਕਲਚਰ ਤਕਨੀਕ ਵਿਸ਼ੇ ਉੱਤੇ ਵਰਕਸ਼ਾਪ ਕਰਵਾਈ ਗਈ। ਇਸ ਵਿੱਚ ਵੱਖ-ਵੱਖ ਕਾਲਜਾਂ ਦੇ ਵਿਦਿਆਰਥੀਆਂ ਅਤੇ ਫੈਕਲਟੀ ਮੈਂਬਰਾਂ ਨੇ ਭਾਗ ਲਿਆ। ਪ੍ਰਿੰਸੀਪਲ ਡਾ. ਧਰਮਿੰਦਰ ਸਿੰਘ ਉੱਭਾ ਨੇ ਵਿਭਾਗ ਦੇ ਯਤਨਾਂ ਦੀ ਸ਼ਲਾਘਾ ਕੀਤੀ।
ਪਟਿਆਲਾ, 28 ਫਰਵਰੀ (ਪ੍ਰਦੀਪ ਪ੍ਰਵਾਰ) ਖ਼ਾਲਸਾ ਕਾਲਜ ਪਟਿਆਲਾ ਦੇ ਬਾਇਓਟੈਕਨਾਲੋਜੀ ਵਿਭਾਗ ਵੱਲੋਂ ਮੌਲੀਕਿਊਲਰ ਐਂਡ ਪਲਾਂਟ ਟਿਸ਼ੂ ਕਲਚਰ ਤਕਨੀਕ ਵਿਸ਼ੇ ਉੱਤੇ ਵਰਕਸ਼ਾਪ ਕਰਵਾਈ ਗਈ। ਇਸ ਵਿੱਚ ਵੱਖ-ਵੱਖ ਕਾਲਜਾਂ ਦੇ ਵਿਦਿਆਰਥੀਆਂ ਅਤੇ ਫੈਕਲਟੀ ਮੈਂਬਰਾਂ ਨੇ ਭਾਗ ਲਿਆ। ਪ੍ਰਿੰਸੀਪਲ ਡਾ. ਧਰਮਿੰਦਰ ਸਿੰਘ ਉੱਭਾ ਨੇ ਵਿਭਾਗ ਦੇ ਯਤਨਾਂ ਦੀ ਸ਼ਲਾਘਾ ਕੀਤੀ।
